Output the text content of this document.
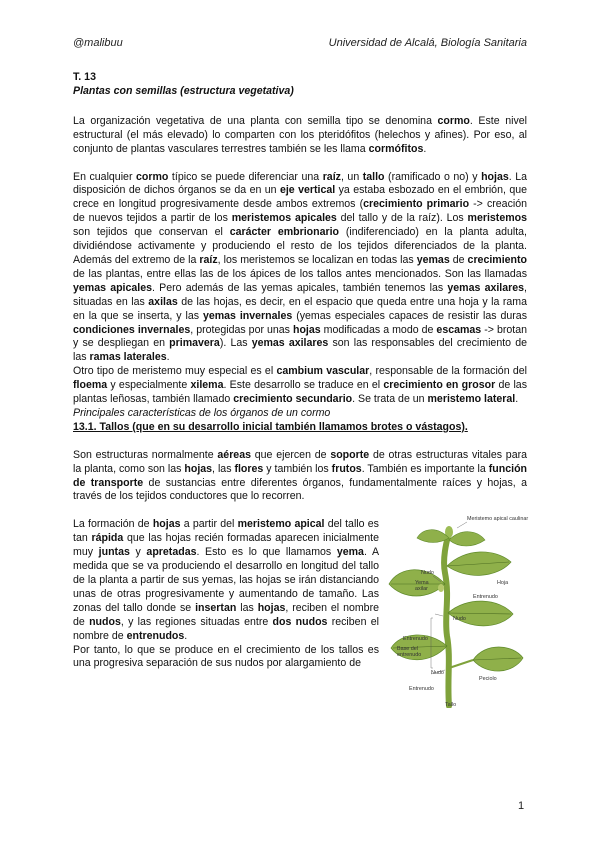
@malibuu	Universidad de Alcalá, Biología Sanitaria
T. 13
Plantas con semillas (estructura vegetativa)

La organización vegetativa de una planta con semilla tipo se denomina cormo. Este nivel estructural (el más elevado) lo comparten con los pteridófitos (helechos y afines). Por eso, al conjunto de plantas vasculares terrestres también se les llama cormófitos.

En cualquier cormo típico se puede diferenciar una raíz, un tallo (ramificado o no) y hojas. La disposición de dichos órganos se da en un eje vertical ya estaba esbozado en el embrión, que crece en longitud progresivamente desde ambos extremos (crecimiento primario -> creación de nuevos tejidos a partir de los meristemos apicales del tallo y de la raíz). Los meristemos son tejidos que conservan el carácter embrionario (indiferenciado) en la planta adulta, dividiéndose activamente y produciendo el resto de los tejidos diferenciados de la planta. Además del extremo de la raíz, los meristemos se localizan en todas las yemas de crecimiento de las plantas, entre ellas las de los ápices de los tallos antes mencionados. Son las llamadas yemas apicales. Pero además de las yemas apicales, también tenemos las yemas axilares, situadas en las axilas de las hojas, es decir, en el espacio que queda entre una hoja y la rama en la que se inserta, y las yemas invernales (yemas especiales capaces de resistir las duras condiciones invernales, protegidas por unas hojas modificadas a modo de escamas -> brotan y se despliegan en primavera). Las yemas axilares son las responsables del crecimiento de las ramas laterales.

Otro tipo de meristemo muy especial es el cambium vascular, responsable de la formación del floema y especialmente xilema. Este desarrollo se traduce en el crecimiento en grosor de las plantas leñosas, también llamado crecimiento secundario. Se trata de un meristemo lateral.

Principales características de los órganos de un cormo

13.1. Tallos (que en su desarrollo inicial también llamamos brotes o vástagos).

Son estructuras normalmente aéreas que ejercen de soporte de otras estructuras vitales para la planta, como son las hojas, las flores y también los frutos. También es importante la función de transporte de sustancias entre diferentes órganos, fundamentalmente raíces y hojas, a través de los tejidos conductores que lo recorren.

La formación de hojas a partir del meristemo apical del tallo es tan rápida que las hojas recién formadas aparecen inicialmente muy juntas y apretadas. Esto es lo que llamamos yema. A medida que se va produciendo el desarrollo en longitud del tallo de la planta a partir de sus yemas, las hojas se irán distanciando unas de otras progresivamente y aumentando de tamaño. Las zonas del tallo donde se insertan las hojas, reciben el nombre de nudos, y las regiones situadas entre dos nudos reciben el nombre de entrenudos.

Por tanto, lo que se produce en el crecimiento de los tallos es una progresiva separación de sus nudos por alargamiento de

Meristemo apical caulinar
Hoja
Nudo
Yema axilar
Entrenudo
Nudo
Entrenudo
Base del entrenudo
Nudo
Peciolo
Entrenudo
Tallo
1
